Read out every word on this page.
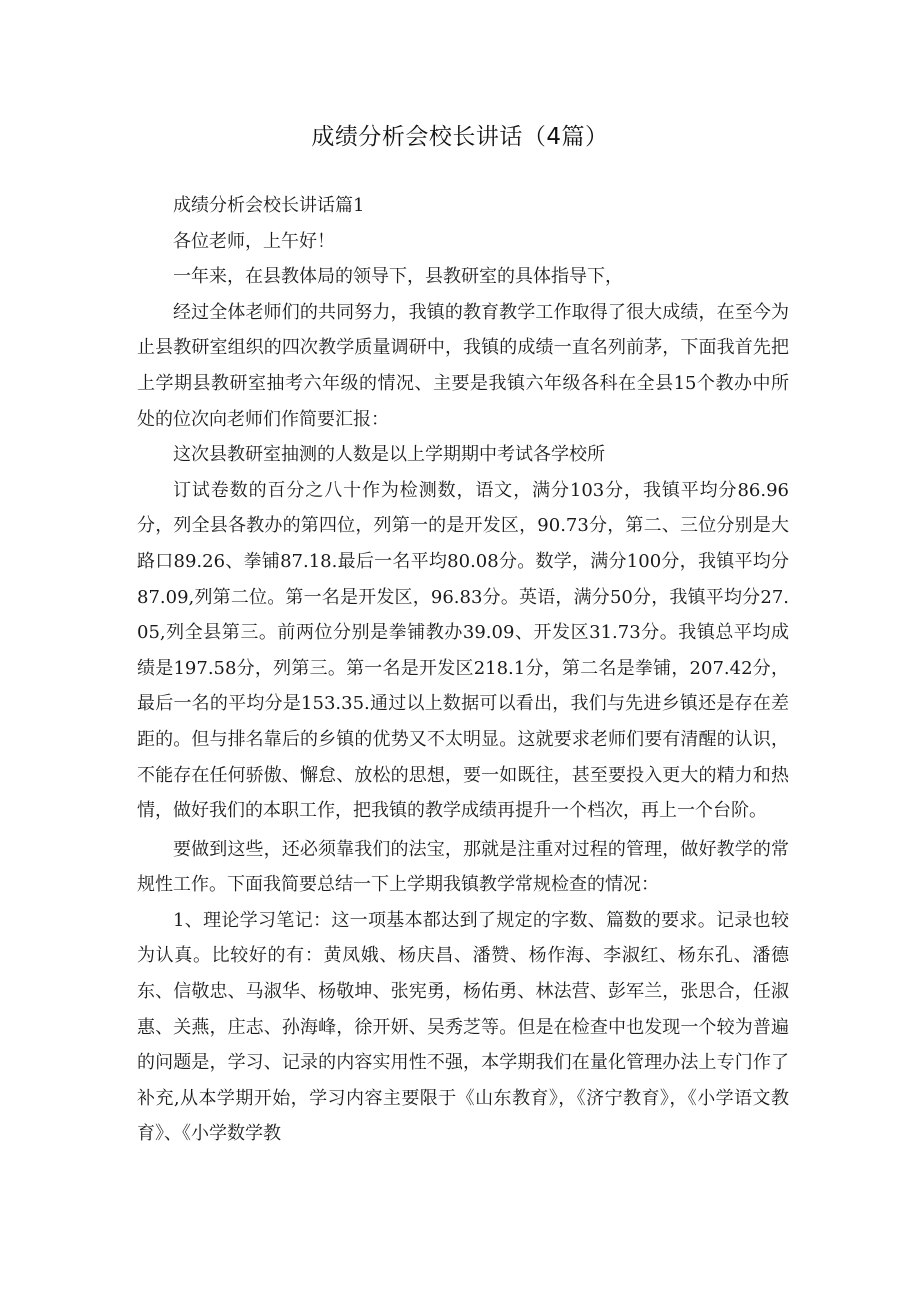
成绩分析会校长讲话（4篇）

成绩分析会校长讲话篇1

各位老师，上午好！

一年来，在县教体局的领导下，县教研室的具体指导下，

经过全体老师们的共同努力，我镇的教育教学工作取得了很大成绩，在至今为止县教研室组织的四次教学质量调研中，我镇的成绩一直名列前茅，下面我首先把上学期县教研室抽考六年级的情况、主要是我镇六年级各科在全县15个教办中所处的位次向老师们作简要汇报：

这次县教研室抽测的人数是以上学期期中考试各学校所

订试卷数的百分之八十作为检测数，语文，满分103分，我镇平均分86.96分，列全县各教办的第四位，列第一的是开发区，90.73分，第二、三位分别是大路口89.26、拳铺87.18.最后一名平均80.08分。数学，满分100分，我镇平均分87.09,列第二位。第一名是开发区，96.83分。英语，满分50分，我镇平均分27.05,列全县第三。前两位分别是拳铺教办39.09、开发区31.73分。我镇总平均成绩是197.58分，列第三。第一名是开发区218.1分，第二名是拳铺，207.42分，最后一名的平均分是153.35.通过以上数据可以看出，我们与先进乡镇还是存在差距的。但与排名靠后的乡镇的优势又不太明显。这就要求老师们要有清醒的认识，不能存在任何骄傲、懈怠、放松的思想，要一如既往，甚至要投入更大的精力和热情，做好我们的本职工作，把我镇的教学成绩再提升一个档次，再上一个台阶。

要做到这些，还必须靠我们的法宝，那就是注重对过程的管理，做好教学的常规性工作。下面我简要总结一下上学期我镇教学常规检查的情况：

1、理论学习笔记：这一项基本都达到了规定的字数、篇数的要求。记录也较为认真。比较好的有：黄凤娥、杨庆昌、潘赞、杨作海、李淑红、杨东孔、潘德东、信敬忠、马淑华、杨敬坤、张宪勇，杨佑勇、林法营、彭军兰，张思合，任淑惠、关燕，庄志、孙海峰，徐开妍、吴秀芝等。但是在检查中也发现一个较为普遍的问题是，学习、记录的内容实用性不强，本学期我们在量化管理办法上专门作了补充,从本学期开始，学习内容主要限于《山东教育》，《济宁教育》，《小学语文教育》、《小学数学教
